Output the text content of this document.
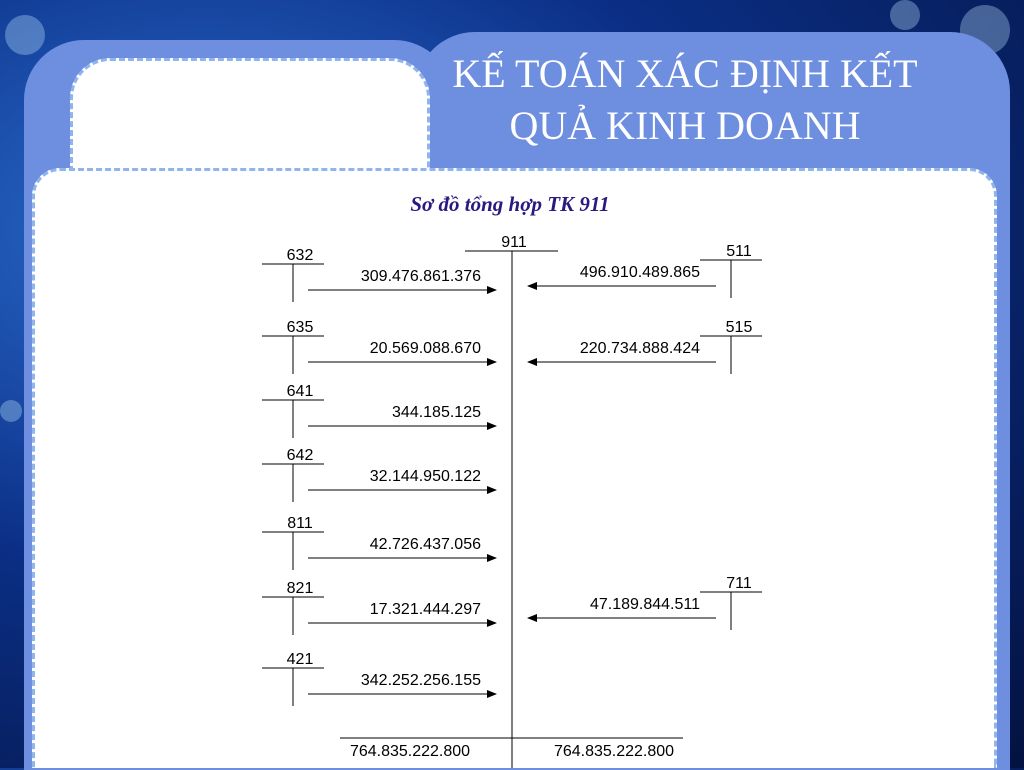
KẾ TOÁN XÁC ĐỊNH KẾT QUẢ KINH DOANH
Sơ đồ tổng hợp TK 911
911
764.835.222.800	764.835.222.800
632
309.476.861.376
635
20.569.088.670
641
344.185.125
642
32.144.950.122
811
42.726.437.056
821
17.321.444.297
421
342.252.256.155
511
496.910.489.865
515
220.734.888.424
711
47.189.844.511
